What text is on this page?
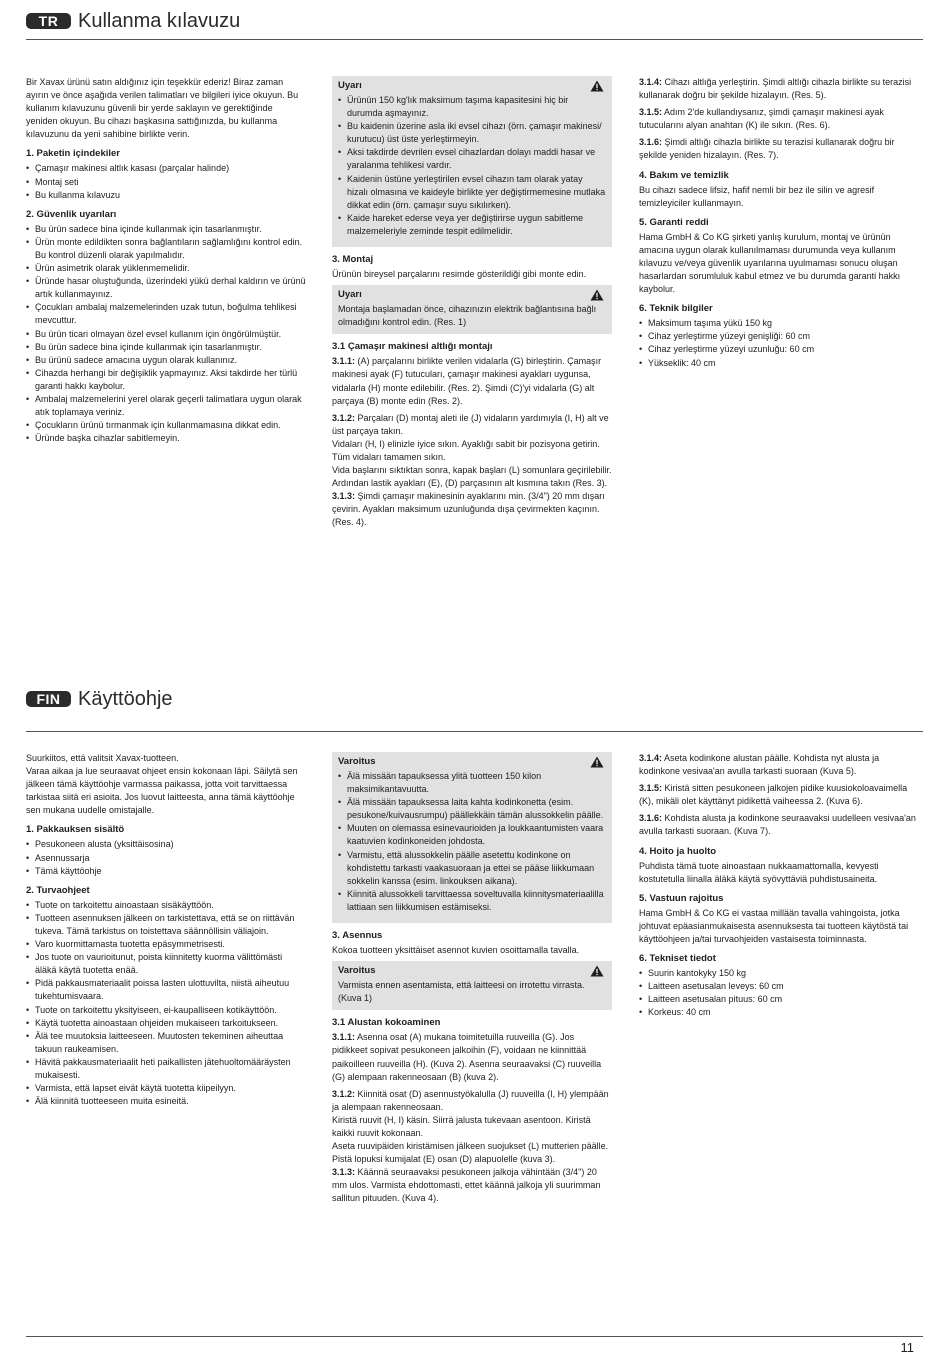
TR Kullanma kılavuzu

Bir Xavax ürünü satın aldığınız için teşekkür ederiz! Biraz zaman ayırın ve önce aşağıda verilen talimatları ve bilgileri iyice okuyun. Bu kullanım kılavuzunu güvenli bir yerde saklayın ve gerektiğinde yeniden okuyun. Bu cihazı başkasına sattığınızda, bu kullanma kılavuzunu da yeni sahibine birlikte verin.

1. Paketin içindekiler
• Çamaşır makinesi altlık kasası (parçalar halinde)
• Montaj seti
• Bu kullanma kılavuzu
2. Güvenlik uyarıları
• Bu ürün sadece bina içinde kullanmak için tasarlanmıştır.
• Ürün monte edildikten sonra bağlantıların sağlamlığını kontrol edin. Bu kontrol düzenli olarak yapılmalıdır.
• Ürün asimetrik olarak yüklenmemelidir.
• Üründe hasar oluştuğunda, üzerindeki yükü derhal kaldırın ve ürünü artık kullanmayınız.
• Çocukları ambalaj malzemelerinden uzak tutun, boğulma tehlikesi mevcuttur.
• Bu ürün ticari olmayan özel evsel kullanım için öngörülmüştür.
• Bu ürün sadece bina içinde kullanmak için tasarlanmıştır.
• Bu ürünü sadece amacına uygun olarak kullanınız.
• Cihazda herhangi bir değişiklik yapmayınız. Aksi takdirde her türlü garanti hakkı kaybolur.
• Ambalaj malzemelerini yerel olarak geçerli talimatlara uygun olarak atık toplamaya veriniz.
• Çocukların ürünü tırmanmak için kullanmamasına dikkat edin.
• Üründe başka cihazlar sabitlemeyin.
Uyarı
• Ürünün 150 kg'lık maksimum taşıma kapasitesini hiç bir durumda aşmayınız.
• Bu kaidenin üzerine asla iki evsel cihazı (örn. çamaşır makinesi/ kurutucu) üst üste yerleştirmeyin.
• Aksi takdirde devrilen evsel cihazlardan dolayı maddi hasar ve yaralanma tehlikesi vardır.
• Kaidenin üstüne yerleştirilen evsel cihazın tam olarak yatay hizalı olmasına ve kaideyle birlikte yer değiştirmemesine mutlaka dikkat edin (örn. çamaşır suyu sıkılırken).
• Kaide hareket ederse veya yer değiştirirse uygun sabitleme malzemeleriyle zeminde tespit edilmelidir.
3. Montaj

Ürünün bireysel parçalarını resimde gösterildiği gibi monte edin.

Uyarı

Montaja başlamadan önce, cihazınızın elektrik bağlantısına bağlı olmadığını kontrol edin. (Res. 1)

3.1 Çamaşır makinesi altlığı montajı

3.1.1: (A) parçalarını birlikte verilen vidalarla (G) birleştirin. Çamaşır makinesi ayak (F) tutucuları, çamaşır makinesi ayakları uygunsa, vidalarla (H) monte edilebilir. (Res. 2). Şimdi (C)'yi vidalarla (G) alt parçaya (B) monte edin (Res. 2).

3.1.2: Parçaları (D) montaj aleti ile (J) vidaların yardımıyla (I, H) alt ve üst parçaya takın.

Vidaları (H, I) elinizle iyice sıkın. Ayaklığı sabit bir pozisyona getirin. Tüm vidaları tamamen sıkın.

Vida başlarını sıktıktan sonra, kapak başları (L) somunlara geçirilebilir. Ardından lastik ayakları (E), (D) parçasının alt kısmına takın (Res. 3).

3.1.3: Şimdi çamaşır makinesinin ayaklarını min. (3/4") 20 mm dışarı çevirin. Ayakları maksimum uzunluğunda dışa çevirmekten kaçının. (Res. 4).

3.1.4: Cihazı altlığa yerleştirin. Şimdi altlığı cihazla birlikte su terazisi kullanarak doğru bir şekilde hizalayın. (Res. 5).

3.1.5: Adım 2'de kullandıysanız, şimdi çamaşır makinesi ayak tutucularını alyan anahtarı (K) ile sıkın. (Res. 6).

3.1.6: Şimdi altlığı cihazla birlikte su terazisi kullanarak doğru bir şekilde yeniden hizalayın. (Res. 7).

4. Bakım ve temizlik

Bu cihazı sadece lifsiz, hafif nemli bir bez ile silin ve agresif temizleyiciler kullanmayın.

5. Garanti reddi

Hama GmbH & Co KG şirketi yanlış kurulum, montaj ve ürünün amacına uygun olarak kullanılmaması durumunda veya kullanım kılavuzu ve/veya güvenlik uyarılarına uyulmaması sonucu oluşan hasarlardan sorumluluk kabul etmez ve bu durumda garanti hakkı kaybolur.

6. Teknik bilgiler
• Maksimum taşıma yükü 150 kg
• Cihaz yerleştirme yüzeyi genişliği: 60 cm
• Cihaz yerleştirme yüzeyi uzunluğu: 60 cm
• Yükseklik: 40 cm
FIN Käyttöohje

Suurkiitos, että valitsit Xavax-tuotteen.

Varaa aikaa ja lue seuraavat ohjeet ensin kokonaan läpi. Säilytä sen jälkeen tämä käyttöohje varmassa paikassa, jotta voit tarvittaessa tarkistaa siitä eri asioita. Jos luovut laitteesta, anna tämä käyttöohje sen mukana uudelle omistajalle.

1. Pakkauksen sisältö
• Pesukoneen alusta (yksittäisosina)
• Asennussarja
• Tämä käyttöohje
2. Turvaohjeet
• Tuote on tarkoitettu ainoastaan sisäkäyttöön.
• Tuotteen asennuksen jälkeen on tarkistettava, että se on riittävän tukeva. Tämä tarkistus on toistettava säännöllisin väliajoin.
• Varo kuormittamasta tuotetta epäsymmetrisesti.
• Jos tuote on vaurioitunut, poista kiinnitetty kuorma välittömästi äläkä käytä tuotetta enää.
• Pidä pakkausmateriaalit poissa lasten ulottuvilta, niistä aiheutuu tukehtumisvaara.
• Tuote on tarkoitettu yksityiseen, ei-kaupalliseen kotikäyttöön.
• Käytä tuotetta ainoastaan ohjeiden mukaiseen tarkoitukseen.
• Älä tee muutoksia laitteeseen. Muutosten tekeminen aiheuttaa takuun raukeamisen.
• Hävitä pakkausmateriaalit heti paikallisten jätehuoltomääräysten mukaisesti.
• Varmista, että lapset eivät käytä tuotetta kiipeilyyn.
• Älä kiinnitä tuotteeseen muita esineitä.
Varoitus
• Älä missään tapauksessa ylitä tuotteen 150 kilon maksimikantavuutta.
• Älä missään tapauksessa laita kahta kodinkonetta (esim. pesukone/kuivausrumpu) päällekkäin tämän alussokkelin päälle.
• Muuten on olemassa esinevaurioiden ja loukkaantumisten vaara kaatuvien kodinkoneiden johdosta.
• Varmistu, että alussokkelin päälle asetettu kodinkone on kohdistettu tarkasti vaakasuoraan ja ettei se pääse liikkumaan sokkelin kanssa (esim. linkouksen aikana).
• Kiinnitä alussokkeli tarvittaessa soveltuvalla kiinnitysmateriaalilla lattiaan sen liikkumisen estämiseksi.
3. Asennus

Kokoa tuotteen yksittäiset asennot kuvien osoittamalla tavalla.

Varoitus

Varmista ennen asentamista, että laitteesi on irrotettu virrasta. (Kuva 1)

3.1 Alustan kokoaminen

3.1.1: Asenna osat (A) mukana toimitetuilla ruuveilla (G). Jos pidikkeet sopivat pesukoneen jalkoihin (F), voidaan ne kiinnittää paikoilleen ruuveilla (H). (Kuva 2). Asenna seuraavaksi (C) ruuveilla (G) alempaan rakenneosaan (B) (kuva 2).

3.1.2: Kiinnitä osat (D) asennustyökalulla (J) ruuveilla (I, H) ylempään ja alempaan rakenneosaan.

Kiristä ruuvit (H, I) käsin. Siirrä jalusta tukevaan asentoon. Kiristä kaikki ruuvit kokonaan.

Aseta ruuvipäiden kiristämisen jälkeen suojukset (L) mutterien päälle. Pistä lopuksi kumijalat (E) osan (D) alapuolelle (kuva 3).

3.1.3: Käännä seuraavaksi pesukoneen jalkoja vähintään (3/4") 20 mm ulos. Varmista ehdottomasti, ettet käännä jalkoja yli suurimman sallitun pituuden. (Kuva 4).

3.1.4: Aseta kodinkone alustan päälle. Kohdista nyt alusta ja kodinkone vesivaa'an avulla tarkasti suoraan (Kuva 5).

3.1.5: Kiristä sitten pesukoneen jalkojen pidike kuusiokoloavaimella (K), mikäli olet käyttänyt pidikettä vaiheessa 2. (Kuva 6).

3.1.6: Kohdista alusta ja kodinkone seuraavaksi uudelleen vesivaa'an avulla tarkasti suoraan. (Kuva 7).

4. Hoito ja huolto

Puhdista tämä tuote ainoastaan nukkaamattomalla, kevyesti kostutetulla liinalla äläkä käytä syövyttäviä puhdistusaineita.

5. Vastuun rajoitus

Hama GmbH & Co KG ei vastaa millään tavalla vahingoista, jotka johtuvat epäasianmukaisesta asennuksesta tai tuotteen käytöstä tai käyttöohjeen ja/tai turvaohjeiden vastaisesta toiminnasta.

6. Tekniset tiedot
• Suurin kantokyky 150 kg
• Laitteen asetusalan leveys: 60 cm
• Laitteen asetusalan pituus: 60 cm
• Korkeus: 40 cm
11
